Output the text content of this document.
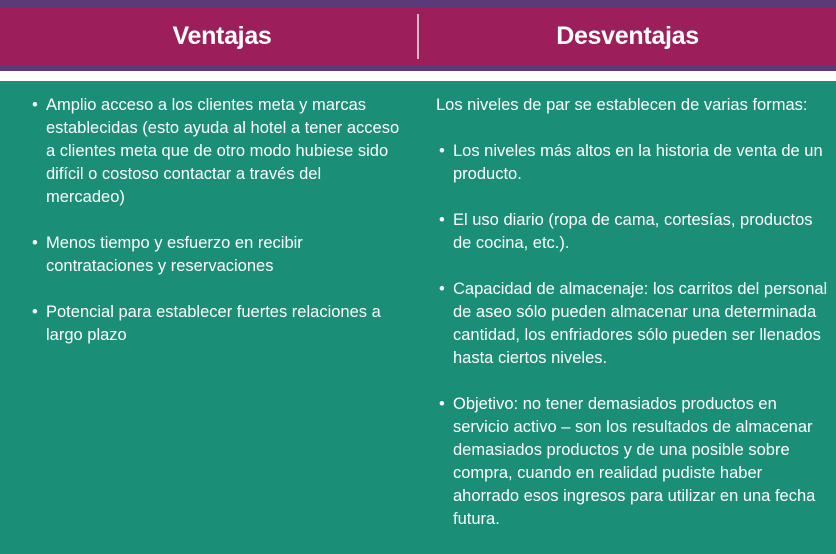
Ventajas	Desventajas
• Amplio acceso a los clientes meta y marcas establecidas (esto ayuda al hotel a tener acceso a clientes meta que de otro modo hubiese sido difícil o costoso contactar a través del mercadeo)
• Menos tiempo y esfuerzo en recibir contrataciones y reservaciones
• Potencial para establecer fuertes relaciones a largo plazo

Los niveles de par se establecen de varias formas:

• Los niveles más altos en la historia de venta de un producto.
• El uso diario (ropa de cama, cortesías, productos de cocina, etc.).
• Capacidad de almacenaje: los carritos del personal de aseo sólo pueden almacenar una determinada cantidad, los enfriadores sólo pueden ser llenados hasta ciertos niveles.
• Objetivo: no tener demasiados productos en servicio activo – son los resultados de almacenar demasiados productos y de una posible sobre compra, cuando en realidad pudiste haber ahorrado esos ingresos para utilizar en una fecha futura.
